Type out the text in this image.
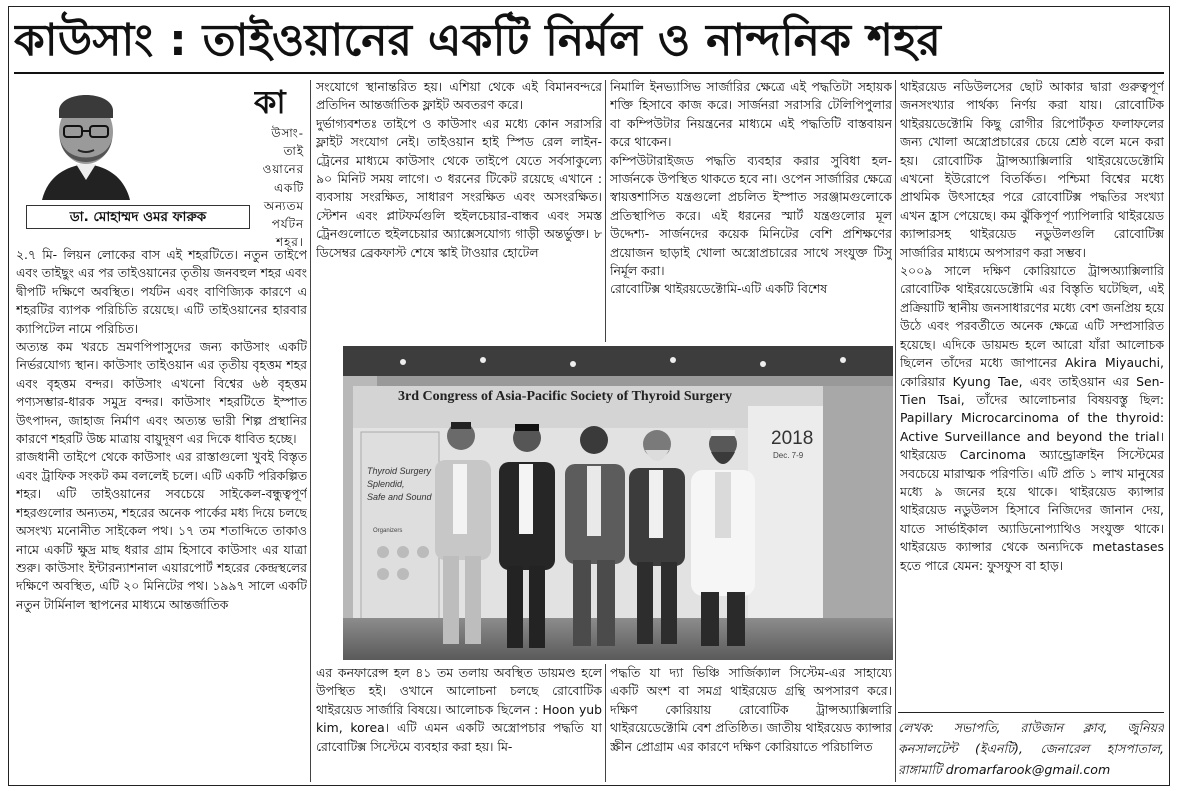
কাউসাং : তাইওয়ানের একটি নির্মল ও নান্দনিক শহর
ডা. মোহাম্মদ ওমর ফারুক
কা
উসাং-
তাই
ওয়ানের
একটি
অন্যতম
পর্যটন
শহর।

২.৭ মি- লিয়ন লোকের বাস এই শহরটিতে। নতুন তাইপে এবং তাইছুং এর পর তাইওয়ানের তৃতীয় জনবহুল শহর এবং দ্বীপটি দক্ষিণে অবস্থিত। পর্যটন এবং বাণিজ্যিক কারণে এ শহরটির ব্যাপক পরিচিতি রয়েছে। এটি তাইওয়ানের হারবার ক্যাপিটেল নামে পরিচিত।

অত্যন্ত কম খরচে ভ্রমণপিপাসুদের জন্য কাউসাং একটি নির্ভরযোগ্য স্থান। কাউসাং তাইওয়ান এর তৃতীয় বৃহত্তম শহর এবং বৃহত্তম বন্দর। কাউসাং এখনো বিশ্বের ৬ষ্ঠ বৃহত্তম পণ্যসম্ভার-ধারক সমুদ্র বন্দর। কাউসাং শহরটিতে ইস্পাত উৎপাদন, জাহাজ নির্মাণ এবং অত্যন্ত ভারী শিল্প প্রস্থানির কারণে শহরটি উচ্চ মাত্রায় বায়ুদূষণ এর দিকে ধাবিত হচ্ছে।

রাজধানী তাইপে থেকে কাউসাং এর রাস্তাগুলো খুবই বিস্তৃত এবং ট্রাফিক সংকট কম বললেই চলে। এটি একটি পরিকল্পিত শহর। এটি তাইওয়ানের সবচেয়ে সাইকেল-বন্ধুত্বপূর্ণ শহরগুলোর অন্যতম, শহরের অনেক পার্কের মধ্য দিয়ে চলছে অসংখ্য মনোনীত সাইকেল পথ। ১৭ তম শতাব্দিতে তাকাও নামে একটি ক্ষুদ্র মাছ ধরার গ্রাম হিসাবে কাউসাং এর যাত্রা শুরু। কাউসাং ইন্টারন্যাশনাল এয়ারপোর্ট শহরের কেন্দ্রস্থলের দক্ষিণে অবস্থিত, এটি ২০ মিনিটের পথ। ১৯৯৭ সালে একটি নতুন টার্মিনাল স্থাপনের মাধ্যমে আন্তর্জাতিক

সংযোগে স্থানান্তরিত হয়। এশিয়া থেকে এই বিমানবন্দরে প্রতিদিন আন্তর্জাতিক ফ্লাইট অবতরণ করে।

দুর্ভাগ্যবশতঃ তাইপে ও কাউসাং এর মধ্যে কোন সরাসরি ফ্লাইট সংযোগ নেই। তাইওয়ান হাই স্পিড রেল লাইন-ট্রেনের মাধ্যমে কাউসাং থেকে তাইপে যেতে সর্বসাকুল্যে ৯০ মিনিট সময় লাগে। ৩ ধরনের টিকেট রয়েছে এখানে : ব্যবসায় সংরক্ষিত, সাধারণ সংরক্ষিত এবং অসংরক্ষিত। স্টেশন এবং প্লাটফর্মগুলি হুইলচেয়ার-বান্ধব এবং সমস্ত ট্রেনগুলোতে হুইলচেয়ার অ্যাক্সেসযোগ্য গাড়ী অন্তর্ভুক্ত। ৮ ডিসেম্বর ব্রেকফাস্ট শেষে স্কাই টাওয়ার হোটেল

নিমালি ইনভ্যাসিভ সার্জারির ক্ষেত্রে এই পদ্ধতিটা সহায়ক শক্তি হিসাবে কাজ করে। সার্জনরা সরাসরি টেলিপিপুলার বা কম্পিউটার নিয়ন্ত্রনের মাধ্যমে এই পদ্ধতিটি বাস্তবায়ন করে থাকেন।

কম্পিউটারাইজড পদ্ধতি ব্যবহার করার সুবিধা হল-সার্জনকে উপস্থিত থাকতে হবে না। ওপেন সার্জারির ক্ষেত্রে স্বায়ত্তশাসিত যন্ত্রগুলো প্রচলিত ইস্পাত সরঞ্জামগুলোকে প্রতিস্থাপিত করে। এই ধরনের স্মার্ট যন্ত্রগুলোর মূল উদ্দেশ্য- সার্জনদের কয়েক মিনিটের বেশি প্রশিক্ষণের প্রয়োজন ছাড়াই খোলা অস্ত্রোপ্রচারের সাথে সংযুক্ত টিসু নির্মূল করা।

রোবোটিক্স থাইরয়ডেক্টোমি-এটি একটি বিশেষ

3rd Congress of Asia-Pacific Society of Thyroid Surgery
2018
Dec. 7-9
Thyroid Surgery
Splendid,
Safe and Sound
Organizers

এর কনফারেন্স হল ৪১ তম তলায় অবস্থিত ডায়মণ্ড হলে উপস্থিত হই। ওখানে আলোচনা চলছে রোবোটিক থাইরয়েড সার্জারি বিষয়ে। আলোচক ছিলেন : Hoon yub kim, korea। এটি এমন একটি অস্ত্রোপচার পদ্ধতি যা রোবোটিক্স সিস্টেমে ব্যবহার করা হয়। মি-

পদ্ধতি যা দ্যা ভিঞ্চি সার্জিক্যাল সিস্টেম-এর সাহায্যে একটি অংশ বা সমগ্র থাইরয়েড গ্রন্থি অপসারণ করে। দক্ষিণ কোরিয়ায় রোবোটিক ট্রান্সঅ্যাক্সিলারি থাইরয়েডেক্টোমি বেশ প্রতিষ্ঠিত। জাতীয় থাইরয়েড ক্যান্সার স্ক্রীন প্রোগ্রাম এর কারণে দক্ষিণ কোরিয়াতে পরিচালিত

থাইরয়েড নডিউলসের ছোট আকার দ্বারা গুরুত্বপূর্ণ জনসংখ্যার পার্থক্য নির্ণয় করা যায়। রোবোটিক থাইরয়ডেক্টোমি কিছু রোগীর রিপোর্টকৃত ফলাফলের জন্য খোলা অস্ত্রোপ্রচারের চেয়ে শ্রেষ্ঠ বলে মনে করা হয়। রোবোটিক ট্রান্সঅ্যাক্সিলারি থাইরয়েডেক্টোমি এখনো ইউরোপে বিতর্কিত। পশ্চিমা বিশ্বের মধ্যে প্রাথমিক উৎসাহের পরে রোবোটিক্স পদ্ধতির সংখ্যা এখন হ্রাস পেয়েছে। কম ঝুঁকিপূর্ণ প্যাপিলারি থাইরয়েড ক্যান্সারসহ থাইরয়েড নডুউলগুলি রোবোটিক্স সার্জারির মাধ্যমে অপসারণ করা সম্ভব।

২০০৯ সালে দক্ষিণ কোরিয়াতে ট্রান্সঅ্যাক্সিলারি রোবোটিক থাইরয়েডেক্টোমি এর বিস্তৃতি ঘটেছিল, এই প্রক্রিয়াটি স্থানীয় জনসাধারণের মধ্যে বেশ জনপ্রিয় হয়ে উঠে এবং পরবর্তীতে অনেক ক্ষেত্রে এটি সম্প্রসারিত হয়েছে। এদিকে ডায়মন্ড হলে আরো যাঁরা আলোচক ছিলেন তাঁদের মধ্যে জাপানের Akira Miyauchi, কোরিয়ার Kyung Tae, এবং তাইওয়ান এর Sen-Tien Tsai, তাঁদের আলোচনার বিষয়বস্তু ছিল: Papillary Microcarcinoma of the thyroid: Active Surveillance and beyond the trial। থাইরয়েড Carcinoma অ্যান্ড্রোক্রাইন সিস্টেমের সবচেয়ে মারাত্মক পরিণতি। এটি প্রতি ১ লাখ মানুষের মধ্যে ৯ জনের হয়ে থাকে। থাইরয়েড ক্যান্সার থাইরয়েড নডুউলস হিসাবে নিজিদের জানান দেয়, যাতে সার্ভাইকাল অ্যাডিনোপ্যাথিও সংযুক্ত থাকে। থাইরয়েড ক্যান্সার থেকে অন্যদিকে metastases হতে পারে যেমন: ফুসফুস বা হাড়।

লেখক: সভাপতি, রাউজান ক্লাব, জুনিয়র কনসালটেন্ট (ইএনটি), জেনারেল হাসপাতাল, রাঙ্গামাটি dromarfarook@gmail.com
